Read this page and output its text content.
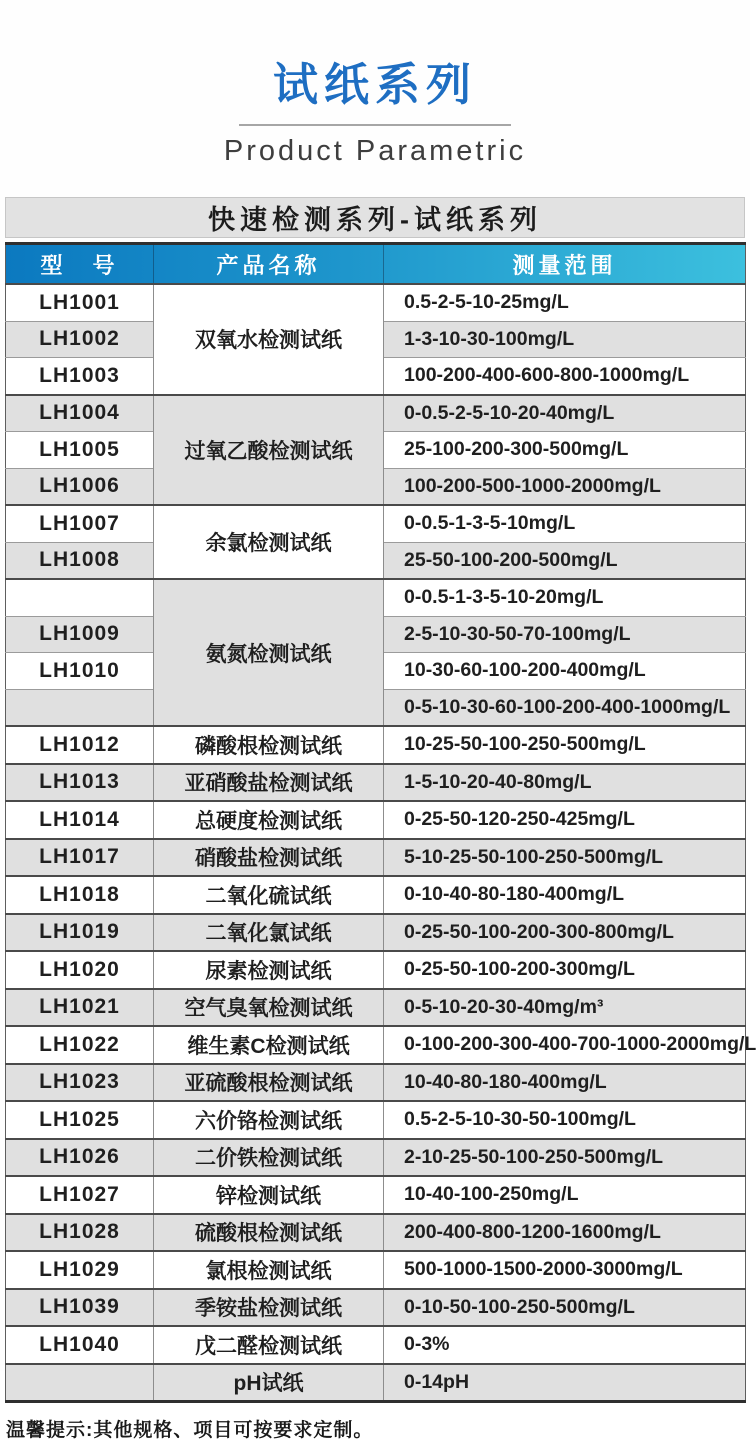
试纸系列
Product Parametric
快速检测系列-试纸系列
型　号	产品名称	测量范围
LH1001	双氧水检测试纸	0.5-2-5-10-25mg/L
LH1002		1-3-10-30-100mg/L
LH1003		100-200-400-600-800-1000mg/L
LH1004	过氧乙酸检测试纸	0-0.5-2-5-10-20-40mg/L
LH1005		25-100-200-300-500mg/L
LH1006		100-200-500-1000-2000mg/L
LH1007	余氯检测试纸	0-0.5-1-3-5-10mg/L
LH1008		25-50-100-200-500mg/L
	氨氮检测试纸	0-0.5-1-3-5-10-20mg/L
LH1009		2-5-10-30-50-70-100mg/L
LH1010		10-30-60-100-200-400mg/L
		0-5-10-30-60-100-200-400-1000mg/L
LH1012	磷酸根检测试纸	10-25-50-100-250-500mg/L
LH1013	亚硝酸盐检测试纸	1-5-10-20-40-80mg/L
LH1014	总硬度检测试纸	0-25-50-120-250-425mg/L
LH1017	硝酸盐检测试纸	5-10-25-50-100-250-500mg/L
LH1018	二氧化硫试纸	0-10-40-80-180-400mg/L
LH1019	二氧化氯试纸	0-25-50-100-200-300-800mg/L
LH1020	尿素检测试纸	0-25-50-100-200-300mg/L
LH1021	空气臭氧检测试纸	0-5-10-20-30-40mg/m³
LH1022	维生素C检测试纸	0-100-200-300-400-700-1000-2000mg/L
LH1023	亚硫酸根检测试纸	10-40-80-180-400mg/L
LH1025	六价铬检测试纸	0.5-2-5-10-30-50-100mg/L
LH1026	二价铁检测试纸	2-10-25-50-100-250-500mg/L
LH1027	锌检测试纸	10-40-100-250mg/L
LH1028	硫酸根检测试纸	200-400-800-1200-1600mg/L
LH1029	氯根检测试纸	500-1000-1500-2000-3000mg/L
LH1039	季铵盐检测试纸	0-10-50-100-250-500mg/L
LH1040	戊二醛检测试纸	0-3%
	pH试纸	0-14pH
温馨提示:其他规格、项目可按要求定制。
